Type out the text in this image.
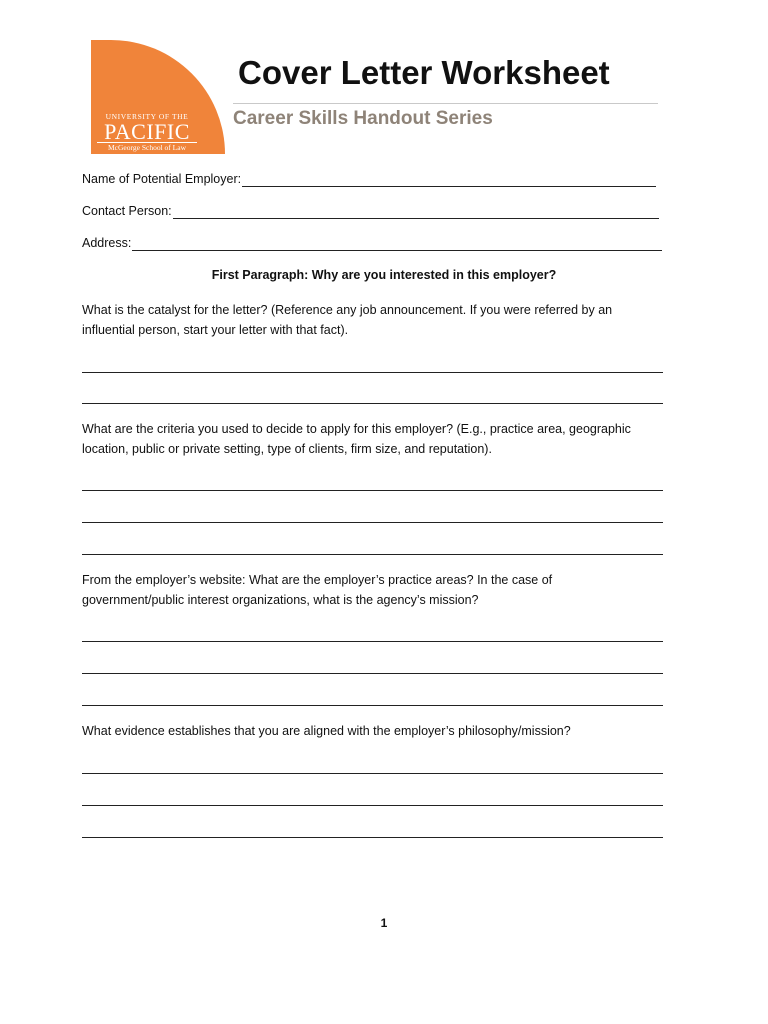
UNIVERSITY OF THE
PACIFIC
McGeorge School of Law
Cover Letter Worksheet
Career Skills Handout Series
Name of Potential Employer:
Contact Person:
Address:
First Paragraph: Why are you interested in this employer?
What is the catalyst for the letter? (Reference any job announcement. If you were referred by an
influential person, start your letter with that fact).
What are the criteria you used to decide to apply for this employer? (E.g., practice area, geographic
location, public or private setting, type of clients, firm size, and reputation).
From the employer’s website: What are the employer’s practice areas? In the case of
government/public interest organizations, what is the agency’s mission?
What evidence establishes that you are aligned with the employer’s philosophy/mission?
1
